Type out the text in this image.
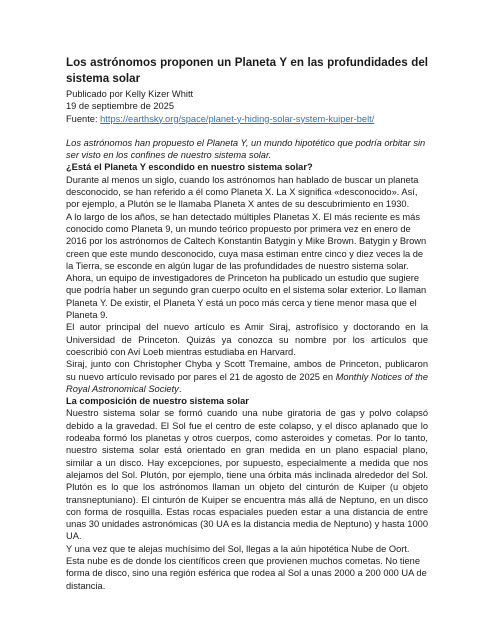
Los astrónomos proponen un Planeta Y en las profundidades del sistema solar
Publicado por Kelly Kizer Whitt
19 de septiembre de 2025
Fuente: https://earthsky.org/space/planet-y-hiding-solar-system-kuiper-belt/
Los astrónomos han propuesto el Planeta Y, un mundo hipotético que podría orbitar sin ser visto en los confines de nuestro sistema solar.
¿Está el Planeta Y escondido en nuestro sistema solar?
Durante al menos un siglo, cuando los astrónomos han hablado de buscar un planeta desconocido, se han referido a él como Planeta X. La X significa «desconocido». Así, por ejemplo, a Plutón se le llamaba Planeta X antes de su descubrimiento en 1930.
A lo largo de los años, se han detectado múltiples Planetas X. El más reciente es más conocido como Planeta 9, un mundo teórico propuesto por primera vez en enero de 2016 por los astrónomos de Caltech Konstantin Batygin y Mike Brown. Batygin y Brown creen que este mundo desconocido, cuya masa estiman entre cinco y diez veces la de la Tierra, se esconde en algún lugar de las profundidades de nuestro sistema solar.
Ahora, un equipo de investigadores de Princeton ha publicado un estudio que sugiere que podría haber un segundo gran cuerpo oculto en el sistema solar exterior. Lo llaman Planeta Y. De existir, el Planeta Y está un poco más cerca y tiene menor masa que el Planeta 9.
El autor principal del nuevo artículo es Amir Siraj, astrofísico y doctorando en la Universidad de Princeton. Quizás ya conozca su nombre por los artículos que coescribió con Avi Loeb mientras estudiaba en Harvard.
Siraj, junto con Christopher Chyba y Scott Tremaine, ambos de Princeton, publicaron su nuevo artículo revisado por pares el 21 de agosto de 2025 en Monthly Notices of the Royal Astronomical Society.
La composición de nuestro sistema solar
Nuestro sistema solar se formó cuando una nube giratoria de gas y polvo colapsó debido a la gravedad. El Sol fue el centro de este colapso, y el disco aplanado que lo rodeaba formó los planetas y otros cuerpos, como asteroides y cometas. Por lo tanto, nuestro sistema solar está orientado en gran medida en un plano espacial plano, similar a un disco. Hay excepciones, por supuesto, especialmente a medida que nos alejamos del Sol. Plutón, por ejemplo, tiene una órbita más inclinada alrededor del Sol. Plutón es lo que los astrónomos llaman un objeto del cinturón de Kuiper (u objeto transneptuniano). El cinturón de Kuiper se encuentra más allá de Neptuno, en un disco con forma de rosquilla. Estas rocas espaciales pueden estar a una distancia de entre unas 30 unidades astronómicas (30 UA es la distancia media de Neptuno) y hasta 1000 UA.
Y una vez que te alejas muchísimo del Sol, llegas a la aún hipotética Nube de Oort. Esta nube es de donde los científicos creen que provienen muchos cometas. No tiene forma de disco, sino una región esférica que rodea al Sol a unas 2000 a 200 000 UA de distancia.
